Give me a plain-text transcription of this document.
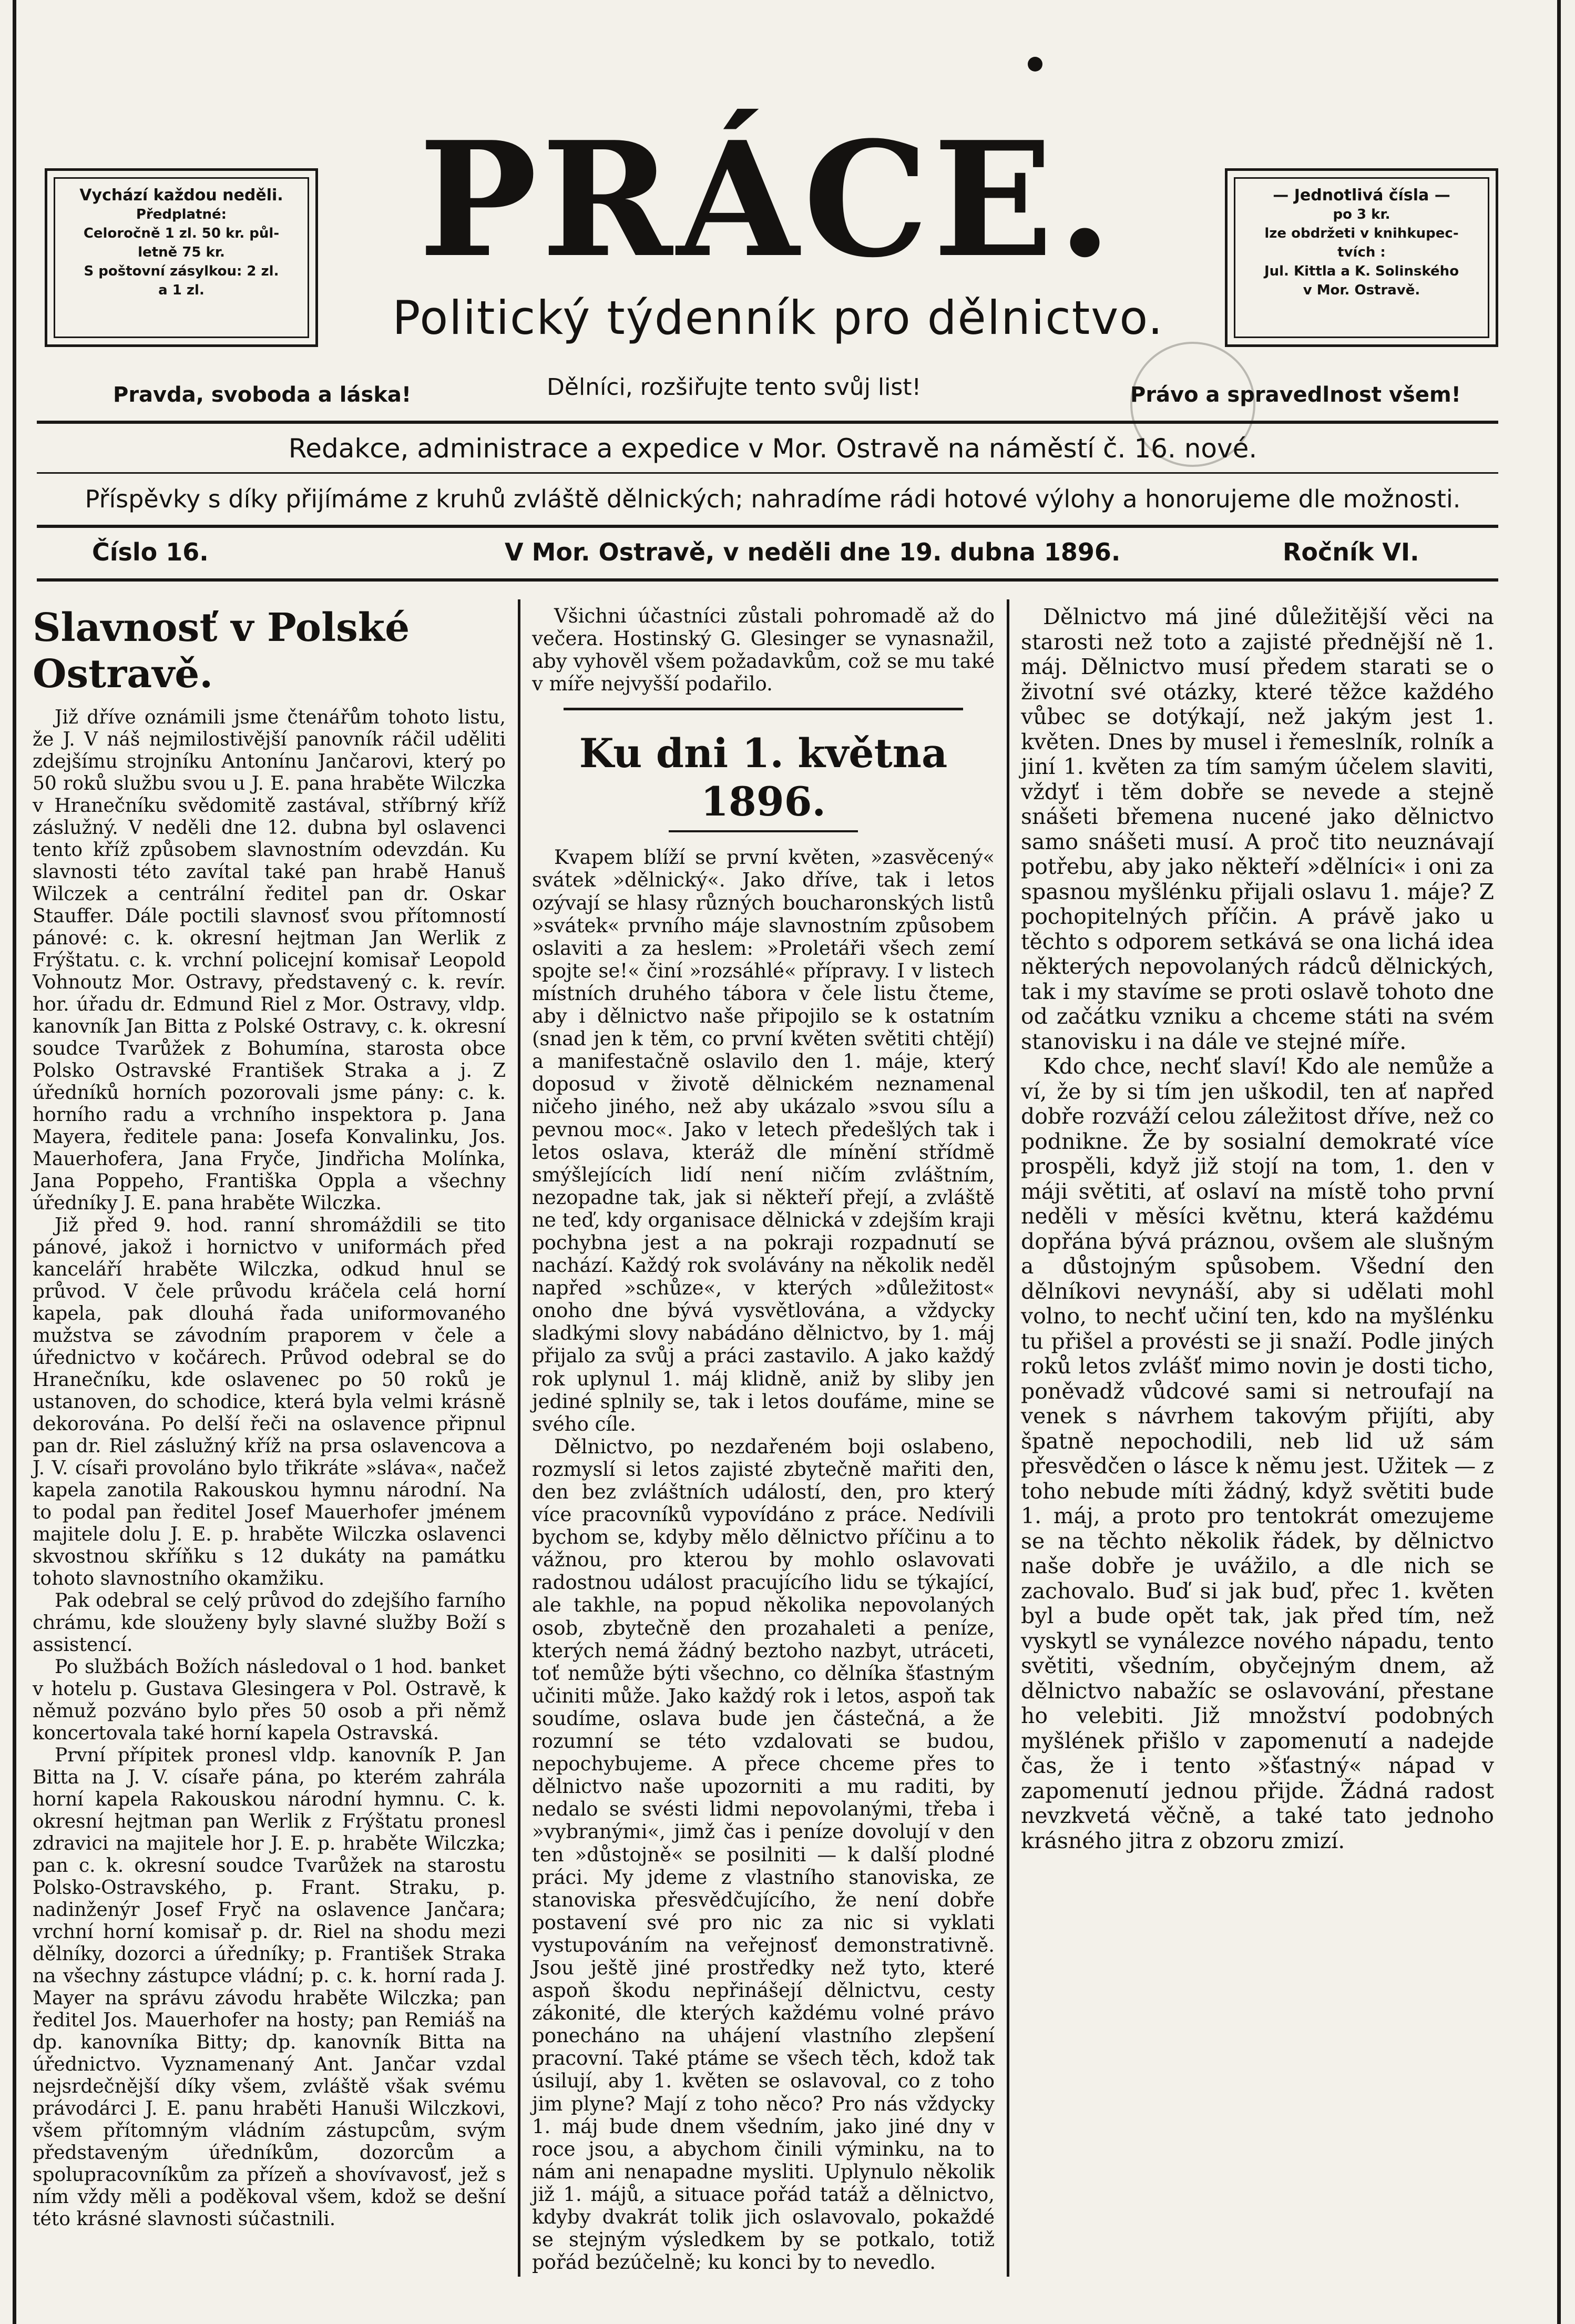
Vychází každou neděli.
Předplatné:
Celoročně 1 zl. 50 kr. půl-
letně 75 kr.
S poštovní zásylkou: 2 zl.
a 1 zl.	PRÁCE.
Politický týdenník pro dělnictvo.
— Jednotlivá čísla —
po 3 kr.
lze obdržeti v knihkupec-
tvích :
Jul. Kittla a K. Solinského
v Mor. Ostravě.
Pravda, svoboda a láska!	Dělníci, rozšiřujte tento svůj list!	Právo a spravedlnost všem!
Redakce, administrace a expedice v Mor. Ostravě na náměstí č. 16. nové.
Příspěvky s díky přijímáme z kruhů zvláště dělnických; nahradíme rádi hotové výlohy a honorujeme dle možnosti.
Číslo 16.	V Mor. Ostravě, v neděli dne 19. dubna 1896.	Ročník VI.
Slavnosť v Polské Ostravě.

Již dříve oznámili jsme čtenářům tohoto listu, že J. V náš nejmilostivější panovník ráčil uděliti zdejšímu strojníku Antonínu Jančarovi, který po 50 roků službu svou u J. E. pana hraběte Wilczka v Hranečníku svědomitě zastával, stříbrný kříž záslužný. V neděli dne 12. dubna byl oslavenci tento kříž způsobem slavnostním odevzdán. Ku slavnosti této zavítal také pan hrabě Hanuš Wilczek a centrální ředitel pan dr. Oskar Stauffer. Dále poctili slavnosť svou přítomností pánové: c. k. okresní hejtman Jan Werlik z Frýštatu. c. k. vrchní policejní komisař Leopold Vohnoutz Mor. Ostravy, představený c. k. revír. hor. úřadu dr. Edmund Riel z Mor. Ostravy, vldp. kanovník Jan Bitta z Polské Ostravy, c. k. okresní soudce Tvarůžek z Bohumína, starosta obce Polsko Ostravské František Straka a j. Z úředníků horních pozorovali jsme pány: c. k. horního radu a vrchního inspektora p. Jana Mayera, ředitele pana: Josefa Konvalinku, Jos. Mauerhofera, Jana Fryče, Jindřicha Molínka, Jana Poppeho, Františka Oppla a všechny úředníky J. E. pana hraběte Wilczka.

Již před 9. hod. ranní shromáždili se tito pánové, jakož i hornictvo v uniformách před kanceláří hraběte Wilczka, odkud hnul se průvod. V čele průvodu kráčela celá horní kapela, pak dlouhá řada uniformovaného mužstva se závodním praporem v čele a úřednictvo v kočárech. Průvod odebral se do Hranečníku, kde oslavenec po 50 roků je ustanoven, do schodice, která byla velmi krásně dekorována. Po delší řeči na oslavence připnul pan dr. Riel záslužný kříž na prsa oslavencova a J. V. císaři provoláno bylo třikráte »sláva«, načež kapela zanotila Rakouskou hymnu národní. Na to podal pan ředitel Josef Mauerhofer jménem majitele dolu J. E. p. hraběte Wilczka oslavenci skvostnou skříňku s 12 dukáty na památku tohoto slavnostního okamžiku.

Pak odebral se celý průvod do zdejšího farního chrámu, kde slouženy byly slavné služby Boží s assistencí.

Po službách Božích následoval o 1 hod. banket v hotelu p. Gustava Glesingera v Pol. Ostravě, k němuž pozváno bylo přes 50 osob a při němž koncertovala také horní kapela Ostravská.

První přípitek pronesl vldp. kanovník P. Jan Bitta na J. V. císaře pána, po kterém zahrála horní kapela Rakouskou národní hymnu. C. k. okresní hejtman pan Werlik z Frýštatu pronesl zdravici na majitele hor J. E. p. hraběte Wilczka; pan c. k. okresní soudce Tvarůžek na starostu Polsko-Ostravského, p. Frant. Straku, p. nadinženýr Josef Fryč na oslavence Jančara; vrchní horní komisař p. dr. Riel na shodu mezi dělníky, dozorci a úředníky; p. František Straka na všechny zástupce vládní; p. c. k. horní rada J. Mayer na správu závodu hraběte Wilczka; pan ředitel Jos. Mauerhofer na hosty; pan Remiáš na dp. kanovníka Bitty; dp. kanovník Bitta na úřednictvo. Vyznamenaný Ant. Jančar vzdal nejsrdečnější díky všem, zvláště však svému právodárci J. E. panu hraběti Hanuši Wilczkovi, všem přítomným vládním zástupcům, svým představeným úředníkům, dozorcům a spolupracovníkům za přízeň a shovívavosť, jež s ním vždy měli a poděkoval všem, kdož se dešní této krásné slavnosti súčastnili.

Všichni účastníci zůstali pohromadě až do večera. Hostinský G. Glesinger se vynasnažil, aby vyhověl všem požadavkům, což se mu také v míře nejvyšší podařilo.

Ku dni 1. května 1896.

Kvapem blíží se první květen, »zasvěcený« svátek »dělnický«. Jako dříve, tak i letos ozývají se hlasy různých boucharonských listů »svátek« prvního máje slavnostním způsobem oslaviti a za heslem: »Proletáři všech zemí spojte se!« činí »rozsáhlé« přípravy. I v listech místních druhého tábora v čele listu čteme, aby i dělnictvo naše připojilo se k ostatním (snad jen k těm, co první květen světiti chtějí) a manifestačně oslavilo den 1. máje, který doposud v životě dělnickém neznamenal ničeho jiného, než aby ukázalo »svou sílu a pevnou moc«. Jako v letech předešlých tak i letos oslava, kteráž dle mínění střídmě smýšlejících lidí není ničím zvláštním, nezopadne tak, jak si někteří přejí, a zvláště ne teď, kdy organisace dělnická v zdejším kraji pochybna jest a na pokraji rozpadnutí se nachází. Každý rok svolávány na několik neděl napřed »schůze«, v kterých »důležitost« onoho dne bývá vysvětlována, a vždycky sladkými slovy nabádáno dělnictvo, by 1. máj přijalo za svůj a práci zastavilo. A jako každý rok uplynul 1. máj klidně, aniž by sliby jen jediné splnily se, tak i letos doufáme, mine se svého cíle.

Dělnictvo, po nezdařeném boji oslabeno, rozmyslí si letos zajisté zbytečně mařiti den, den bez zvláštních událostí, den, pro který více pracovníků vypovídáno z práce. Nedívili bychom se, kdyby mělo dělnictvo příčinu a to vážnou, pro kterou by mohlo oslavovati radostnou událost pracujícího lidu se týkající, ale takhle, na popud několika nepovolaných osob, zbytečně den prozahaleti a peníze, kterých nemá žádný beztoho nazbyt, utráceti, toť nemůže býti všechno, co dělníka šťastným učiniti může. Jako každý rok i letos, aspoň tak soudíme, oslava bude jen částečná, a že rozumní se této vzdalovati se budou, nepochybujeme. A přece chceme přes to dělnictvo naše upozorniti a mu raditi, by nedalo se svésti lidmi nepovolanými, třeba i »vybranými«, jimž čas i peníze dovolují v den ten »důstojně« se posilniti — k další plodné práci. My jdeme z vlastního stanoviska, ze stanoviska přesvědčujícího, že není dobře postavení své pro nic za nic si vyklati vystupováním na veřejnosť demonstrativně. Jsou ještě jiné prostředky než tyto, které aspoň škodu nepřinášejí dělnictvu, cesty zákonité, dle kterých každému volné právo ponecháno na uhájení vlastního zlepšení pracovní. Také ptáme se všech těch, kdož tak úsilují, aby 1. květen se oslavoval, co z toho jim plyne? Mají z toho něco? Pro nás vždycky 1. máj bude dnem všedním, jako jiné dny v roce jsou, a abychom činili výminku, na to nám ani nenapadne mysliti. Uplynulo několik již 1. májů, a situace pořád tatáž a dělnictvo, kdyby dvakrát tolik jich oslavovalo, pokaždé se stejným výsledkem by se potkalo, totiž pořád bezúčelně; ku konci by to nevedlo.

Dělnictvo má jiné důležitější věci na starosti než toto a zajisté přednější ně 1. máj. Dělnictvo musí předem starati se o životní své otázky, které těžce každého vůbec se dotýkají, než jakým jest 1. květen. Dnes by musel i řemeslník, rolník a jiní 1. květen za tím samým účelem slaviti, vždyť i těm dobře se nevede a stejně snášeti břemena nucené jako dělnictvo samo snášeti musí. A proč tito neuznávají potřebu, aby jako někteří »dělníci« i oni za spasnou myšlénku přijali oslavu 1. máje? Z pochopitelných příčin. A právě jako u těchto s odporem setkává se ona lichá idea některých nepovolaných rádců dělnických, tak i my stavíme se proti oslavě tohoto dne od začátku vzniku a chceme státi na svém stanovisku i na dále ve stejné míře.

Kdo chce, nechť slaví! Kdo ale nemůže a ví, že by si tím jen uškodil, ten ať napřed dobře rozváží celou záležitost dříve, než co podnikne. Že by sosialní demokraté více prospěli, když již stojí na tom, 1. den v máji světiti, ať oslaví na místě toho první neděli v měsíci květnu, která každému dopřána bývá práznou, ovšem ale slušným a důstojným spůsobem. Všední den dělníkovi nevynáší, aby si udělati mohl volno, to nechť učiní ten, kdo na myšlénku tu přišel a provésti se ji snaží. Podle jiných roků letos zvlášť mimo novin je dosti ticho, poněvadž vůdcové sami si netroufají na venek s návrhem takovým přijíti, aby špatně nepochodili, neb lid už sám přesvědčen o lásce k němu jest. Užitek — z toho nebude míti žádný, když světiti bude 1. máj, a proto pro tentokrát omezujeme se na těchto několik řádek, by dělnictvo naše dobře je uvážilo, a dle nich se zachovalo. Buď si jak buď, přec 1. květen byl a bude opět tak, jak před tím, než vyskytl se vynálezce nového nápadu, tento světiti, všedním, obyčejným dnem, až dělnictvo nabažíc se oslavování, přestane ho velebiti. Již množství podobných myšlének přišlo v zapomenutí a nadejde čas, že i tento »šťastný« nápad v zapomenutí jednou přijde. Žádná radost nevzkvetá věčně, a také tato jednoho krásného jitra z obzoru zmizí.
